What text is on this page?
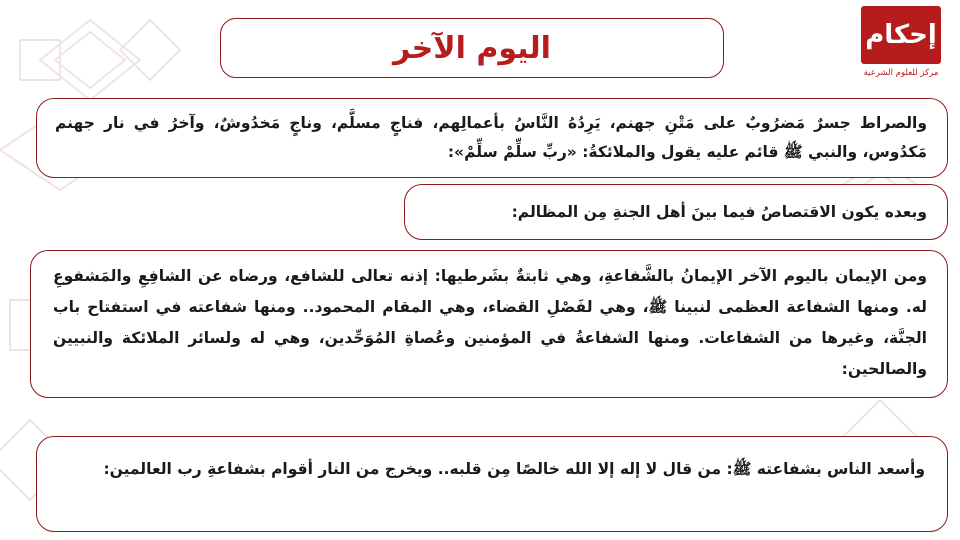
اليوم الآخر	إحكام
مركز للعلوم الشرعية

والصراط جسرٌ مَضرُوبٌ على مَتْنِ جهنم، يَرِدُهُ النَّاسُ بأعمالِهم، فناجٍ مسلَّم، وناجٍ مَخدُوشٌ، وآخرُ في نار جهنم مَكدُوس، والنبي ﷺ قائم عليه يقول والملائكةُ: «ربِّ سلِّمْ سلِّمْ»:

وبعده يكون الاقتصاصُ فيما بينَ أهل الجنةِ مِن المظالم:

ومن الإيمان باليوم الآخر الإيمانُ بالشَّفاعةِ، وهي ثابتةٌ بشَرطيها: إذنه تعالى للشافع، ورضاه عن الشافِعِ والمَشفوعِ له. ومنها الشفاعة العظمى لنبينا ﷺ، وهي لفَصْلِ القضاء، وهي المقام المحمود.. ومنها شفاعته في استفتاح باب الجنَّة، وغيرها من الشفاعات. ومنها الشفاعةُ في المؤمنين وعُصاةِ المُوَحِّدين، وهي له ولسائر الملائكة والنبيين والصالحين:

وأسعد الناس بشفاعته ﷺ: من قال لا إله إلا الله خالصًا مِن قلبه.. ويخرج من النار أقوام بشفاعةِ رب العالمين:
